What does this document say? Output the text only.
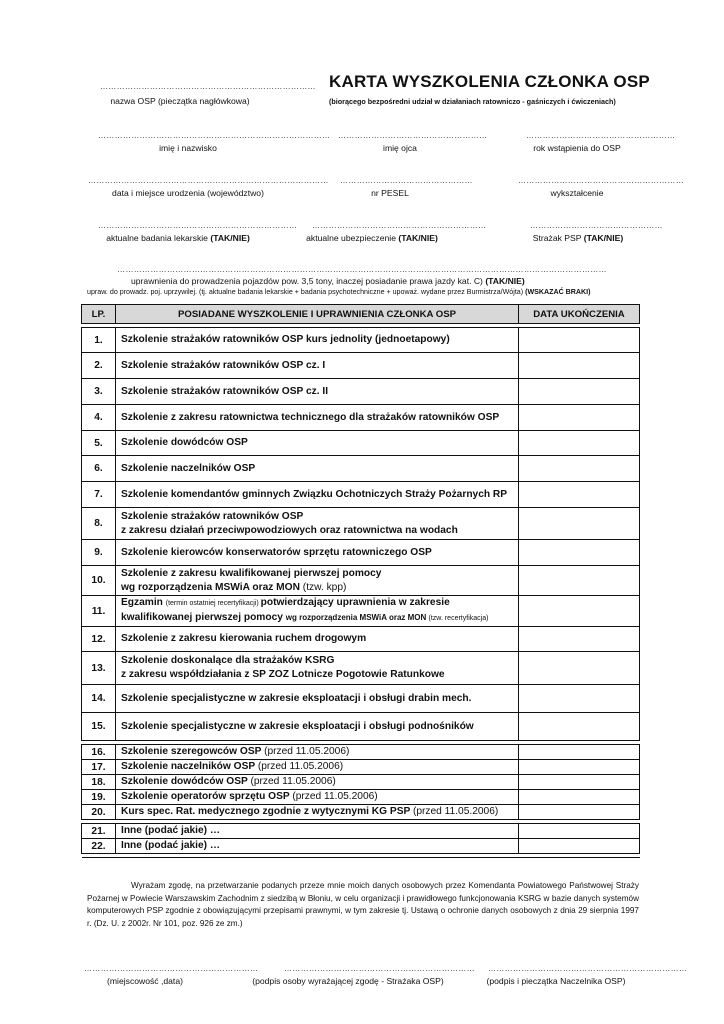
……………………………………………………………………
nazwa OSP (pieczątka nagłówkowa)
KARTA WYSZKOLENIA CZŁONKA OSP
(biorącego bezpośredni udział w działaniach ratowniczo - gaśniczych i ćwiczeniach)
…………………………………………………………………………
imię i nazwisko
………………………………………………
imię ojca
………………………………………………
rok wstąpienia do OSP
……………………………………………………………………………
data i miejsce urodzenia (województwo)
…………………………………………
nr PESEL
……………………………………………………
wykształcenie
………………………………………………………………
aktualne badania lekarskie (TAK/NIE)
………………………………………………………
aktualne ubezpieczenie (TAK/NIE)
…………………………………………
Strażak PSP (TAK/NIE)
……………………………………………………………………………………………………………………………………………………………
uprawnienia do prowadzenia pojazdów pow. 3,5 tony, inaczej posiadanie prawa jazdy kat. C) (TAK/NIE)
upraw. do prowadz. poj. uprzywilej. (tj. aktualne badania lekarskie + badania psychotechniczne + upoważ. wydane przez Burmistrza/Wójta) (WSKAZAĆ BRAKI)
LP.	POSIADANE WYSZKOLENIE I UPRAWNIENIA CZŁONKA OSP	DATA UKOŃCZENIA

1.	Szkolenie strażaków ratowników OSP kurs jednolity (jednoetapowy)	
2.	Szkolenie strażaków ratowników OSP cz. I	
3.	Szkolenie strażaków ratowników OSP cz. II	
4.	Szkolenie z zakresu ratownictwa technicznego dla strażaków ratowników OSP	
5.	Szkolenie dowódców OSP	
6.	Szkolenie naczelników OSP	
7.	Szkolenie komendantów gminnych Związku Ochotniczych Straży Pożarnych RP	
8.	Szkolenie strażaków ratowników OSP
z zakresu działań przeciwpowodziowych oraz ratownictwa na wodach	

9.	Szkolenie kierowców konserwatorów sprzętu ratowniczego OSP	
10.	Szkolenie z zakresu kwalifikowanej pierwszej pomocy
wg rozporządzenia MSWiA oraz MON (tzw. kpp)	

11.	Egzamin (termin ostatniej recertyfikacji) potwierdzający uprawnienia w zakresie
kwalifikowanej pierwszej pomocy wg rozporządzenia MSWiA oraz MON (tzw. recertyfikacja)	

12.	Szkolenie z zakresu kierowania ruchem drogowym	
13.	Szkolenie doskonalące dla strażaków KSRG
z zakresu współdziałania z SP ZOZ Lotnicze Pogotowie Ratunkowe	

14.	Szkolenie specjalistyczne w zakresie eksploatacji i obsługi drabin mech.	
15.	Szkolenie specjalistyczne w zakresie eksploatacji i obsługi podnośników	

16.	Szkolenie szeregowców OSP (przed 11.05.2006)	
17.	Szkolenie naczelników OSP (przed 11.05.2006)	
18.	Szkolenie dowódców OSP (przed 11.05.2006)	
19.	Szkolenie operatorów sprzętu OSP (przed 11.05.2006)	
20.	Kurs spec. Rat. medycznego zgodnie z wytycznymi KG PSP (przed 11.05.2006)	

21.	Inne (podać jakie) …	
22.	Inne (podać jakie) …	

Wyrażam zgodę, na przetwarzanie podanych przeze mnie moich danych osobowych przez Komendanta Powiatowego Państwowej Straży Pożarnej w Powiecie Warszawskim Zachodnim z siedzibą w Błoniu, w celu organizacji i prawidłowego funkcjonowania KSRG w bazie danych systemów komputerowych PSP zgodnie z obowiązującymi przepisami prawnymi, w tym zakresie tj. Ustawą o ochronie danych osobowych z dnia 29 sierpnia 1997 r. (Dz. U. z 2002r. Nr 101, poz. 926 ze zm.)
………………………………………………………
(miejscowość ,data)
……………………………………………………………
(podpis osoby wyrażającej zgodę - Strażaka OSP)
………………………………………………………………
(podpis i pieczątka Naczelnika OSP)
